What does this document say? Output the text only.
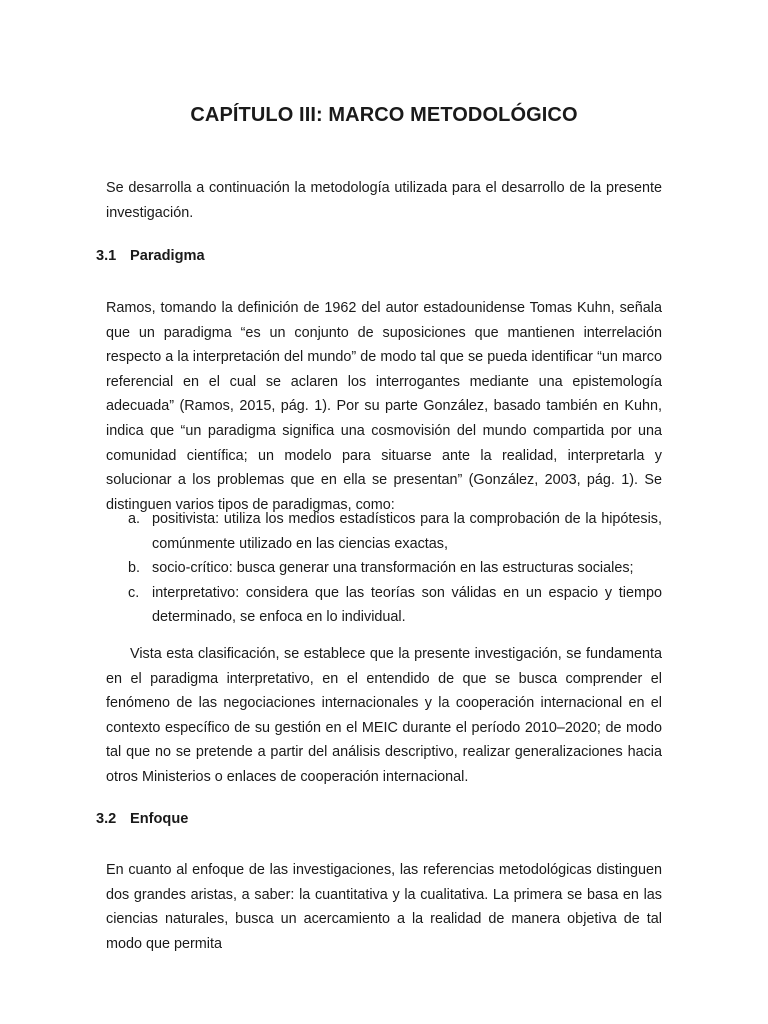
CAPÍTULO III: MARCO METODOLÓGICO

Se desarrolla a continuación la metodología utilizada para el desarrollo de la presente investigación.

3.1 Paradigma

Ramos, tomando la definición de 1962 del autor estadounidense Tomas Kuhn, señala que un paradigma “es un conjunto de suposiciones que mantienen interrelación respecto a la interpretación del mundo” de modo tal que se pueda identificar “un marco referencial en el cual se aclaren los interrogantes mediante una epistemología adecuada” (Ramos, 2015, pág. 1). Por su parte González, basado también en Kuhn, indica que “un paradigma significa una cosmovisión del mundo compartida por una comunidad científica; un modelo para situarse ante la realidad, interpretarla y solucionar a los problemas que en ella se presentan” (González, 2003, pág. 1). Se distinguen varios tipos de paradigmas, como:

a. positivista: utiliza los medios estadísticos para la comprobación de la hipótesis, comúnmente utilizado en las ciencias exactas,
b. socio-crítico: busca generar una transformación en las estructuras sociales;
c. interpretativo: considera que las teorías son válidas en un espacio y tiempo determinado, se enfoca en lo individual.

Vista esta clasificación, se establece que la presente investigación, se fundamenta en el paradigma interpretativo, en el entendido de que se busca comprender el fenómeno de las negociaciones internacionales y la cooperación internacional en el contexto específico de su gestión en el MEIC durante el período 2010–2020; de modo tal que no se pretende a partir del análisis descriptivo, realizar generalizaciones hacia otros Ministerios o enlaces de cooperación internacional.

3.2 Enfoque

En cuanto al enfoque de las investigaciones, las referencias metodológicas distinguen dos grandes aristas, a saber: la cuantitativa y la cualitativa. La primera se basa en las ciencias naturales, busca un acercamiento a la realidad de manera objetiva de tal modo que permita
